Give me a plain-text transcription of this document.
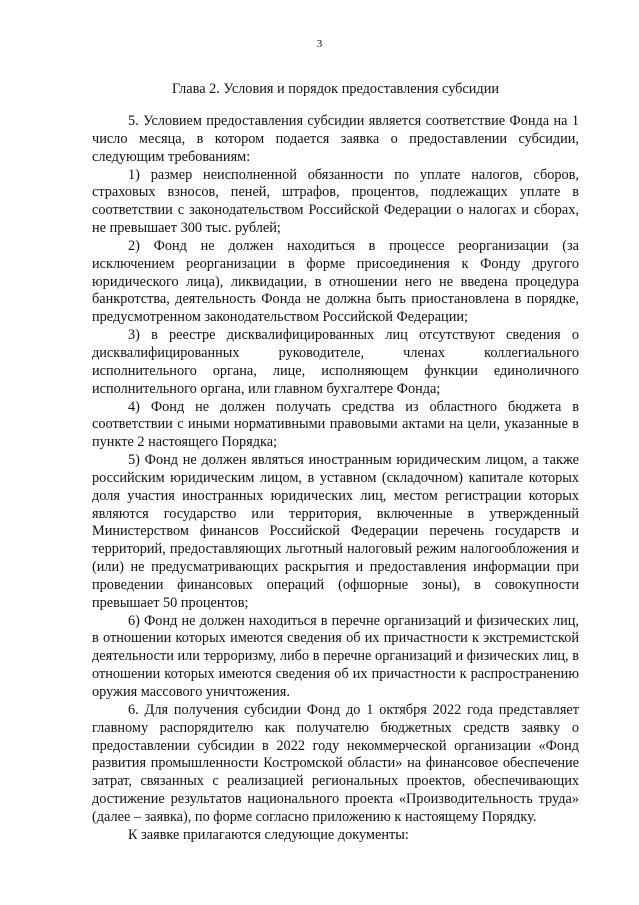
3
Глава 2. Условия и порядок предоставления субсидии

5. Условием предоставления субсидии является соответствие Фонда на 1 число месяца, в котором подается заявка о предоставлении субсидии, следующим требованиям:

1) размер неисполненной обязанности по уплате налогов, сборов, страховых взносов, пеней, штрафов, процентов, подлежащих уплате в соответствии с законодательством Российской Федерации о налогах и сборах, не превышает 300 тыс. рублей;

2) Фонд не должен находиться в процессе реорганизации (за исключением реорганизации в форме присоединения к Фонду другого юридического лица), ликвидации, в отношении него не введена процедура банкротства, деятельность Фонда не должна быть приостановлена в порядке, предусмотренном законодательством Российской Федерации;

3) в реестре дисквалифицированных лиц отсутствуют сведения о дисквалифицированных руководителе, членах коллегиального исполнительного органа, лице, исполняющем функции единоличного исполнительного органа, или главном бухгалтере Фонда;

4) Фонд не должен получать средства из областного бюджета в соответствии с иными нормативными правовыми актами на цели, указанные в пункте 2 настоящего Порядка;

5) Фонд не должен являться иностранным юридическим лицом, а также российским юридическим лицом, в уставном (складочном) капитале которых доля участия иностранных юридических лиц, местом регистрации которых являются государство или территория, включенные в утвержденный Министерством финансов Российской Федерации перечень государств и территорий, предоставляющих льготный налоговый режим налогообложения и (или) не предусматривающих раскрытия и предоставления информации при проведении финансовых операций (офшорные зоны), в совокупности превышает 50 процентов;

6) Фонд не должен находиться в перечне организаций и физических лиц, в отношении которых имеются сведения об их причастности к экстремистской деятельности или терроризму, либо в перечне организаций и физических лиц, в отношении которых имеются сведения об их причастности к распространению оружия массового уничтожения.

6. Для получения субсидии Фонд до 1 октября 2022 года представляет главному распорядителю как получателю бюджетных средств заявку о предоставлении субсидии в 2022 году некоммерческой организации «Фонд развития промышленности Костромской области» на финансовое обеспечение затрат, связанных с реализацией региональных проектов, обеспечивающих достижение результатов национального проекта «Производительность труда» (далее – заявка), по форме согласно приложению к настоящему Порядку.

К заявке прилагаются следующие документы:
